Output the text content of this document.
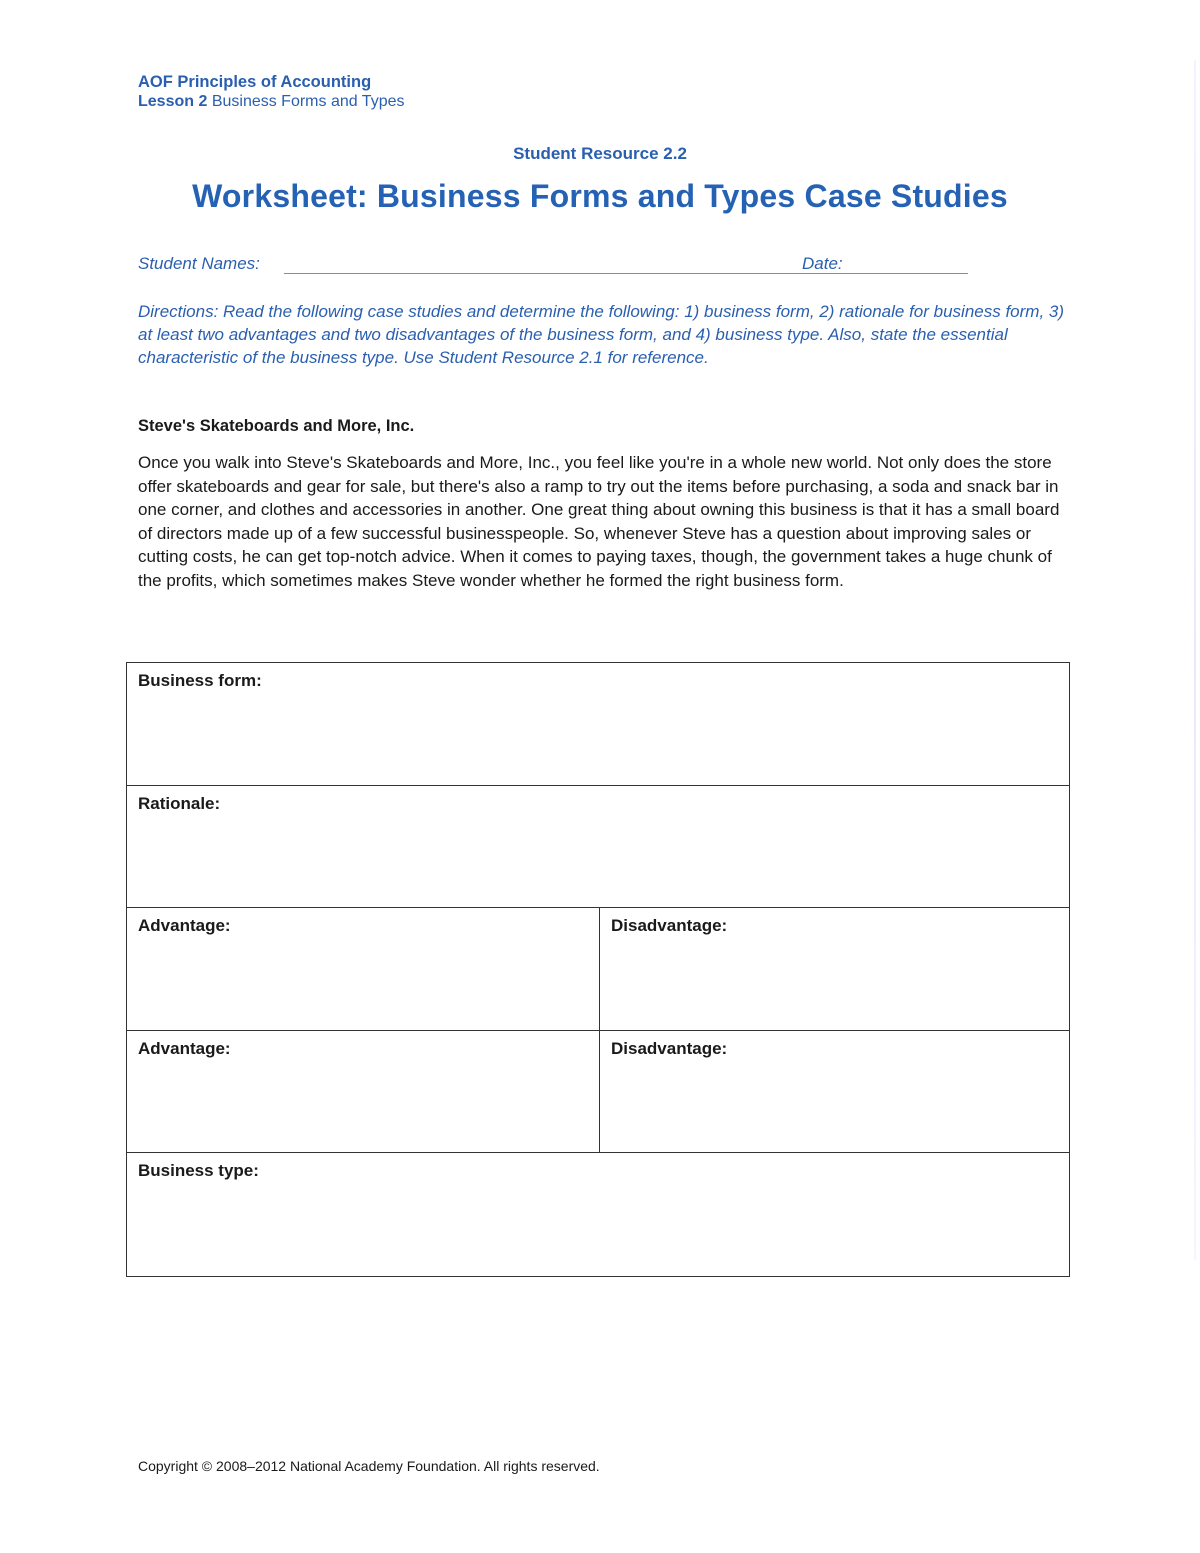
AOF Principles of Accounting
Lesson 2 Business Forms and Types
Student Resource 2.2
Worksheet: Business Forms and Types Case Studies
Student Names:	Date:
Directions: Read the following case studies and determine the following: 1) business form, 2) rationale for business form, 3) at least two advantages and two disadvantages of the business form, and 4) business type. Also, state the essential characteristic of the business type. Use Student Resource 2.1 for reference.
Steve's Skateboards and More, Inc.
Once you walk into Steve's Skateboards and More, Inc., you feel like you're in a whole new world. Not only does the store offer skateboards and gear for sale, but there's also a ramp to try out the items before purchasing, a soda and snack bar in one corner, and clothes and accessories in another. One great thing about owning this business is that it has a small board of directors made up of a few successful businesspeople. So, whenever Steve has a question about improving sales or cutting costs, he can get top-notch advice. When it comes to paying taxes, though, the government takes a huge chunk of the profits, which sometimes makes Steve wonder whether he formed the right business form.
Business form:
Rationale:
Advantage:	Disadvantage:
Advantage:	Disadvantage:
Business type:
Copyright © 2008–2012 National Academy Foundation. All rights reserved.
